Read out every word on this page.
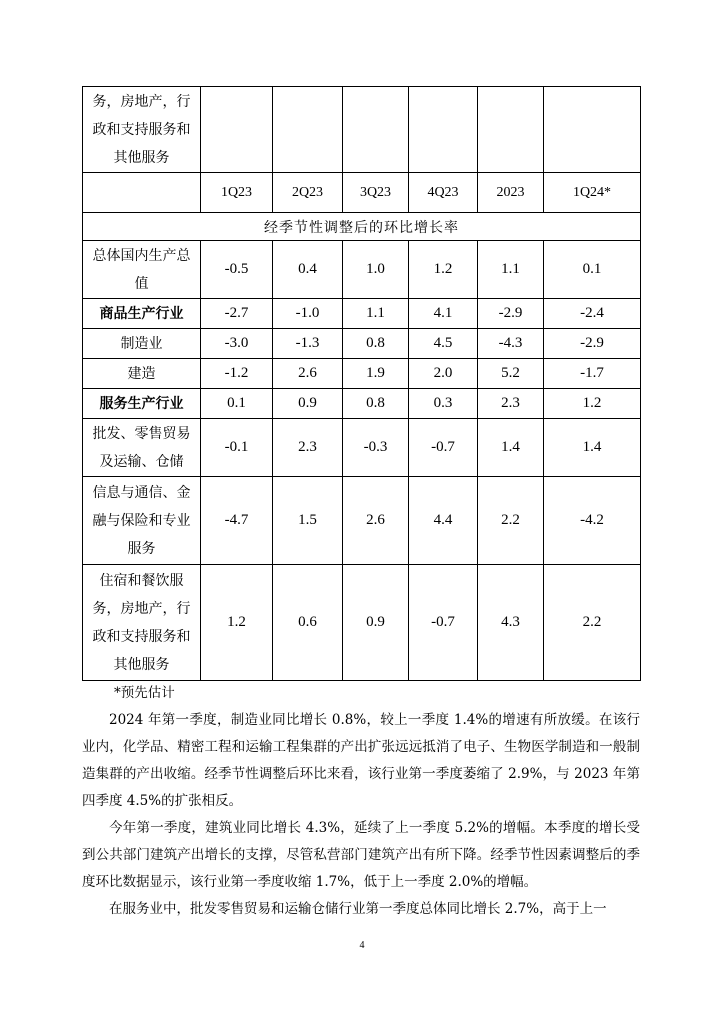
务，房地产，行
政和支持服务和
其他服务						

	1Q23	2Q23	3Q23	4Q23	2023	1Q24*
经季节性调整后的环比增长率						

总体国内生产总
值	-0.5	0.4	1.0	1.2	1.1	0.1

商品生产行业	-2.7	-1.0	1.1	4.1	-2.9	-2.4

制造业	-3.0	-1.3	0.8	4.5	-4.3	-2.9

建造	-1.2	2.6	1.9	2.0	5.2	-1.7

服务生产行业	0.1	0.9	0.8	0.3	2.3	1.2

批发、零售贸易
及运输、仓储	-0.1	2.3	-0.3	-0.7	1.4	1.4

信息与通信、金
融与保险和专业
服务	-4.7	1.5	2.6	4.4	2.2	-4.2

住宿和餐饮服
务，房地产，行
政和支持服务和
其他服务	1.2	0.6	0.9	-0.7	4.3	2.2

*预先估计

2024 年第一季度，制造业同比增长 0.8%，较上一季度 1.4%的增速有所放缓。在该行业内，化学品、精密工程和运输工程集群的产出扩张远远抵消了电子、生物医学制造和一般制造集群的产出收缩。经季节性调整后环比来看，该行业第一季度萎缩了 2.9%，与 2023 年第四季度 4.5%的扩张相反。

今年第一季度，建筑业同比增长 4.3%，延续了上一季度 5.2%的增幅。本季度的增长受到公共部门建筑产出增长的支撑，尽管私营部门建筑产出有所下降。经季节性因素调整后的季度环比数据显示，该行业第一季度收缩 1.7%，低于上一季度 2.0%的增幅。

在服务业中，批发零售贸易和运输仓储行业第一季度总体同比增长 2.7%，高于上一

4
